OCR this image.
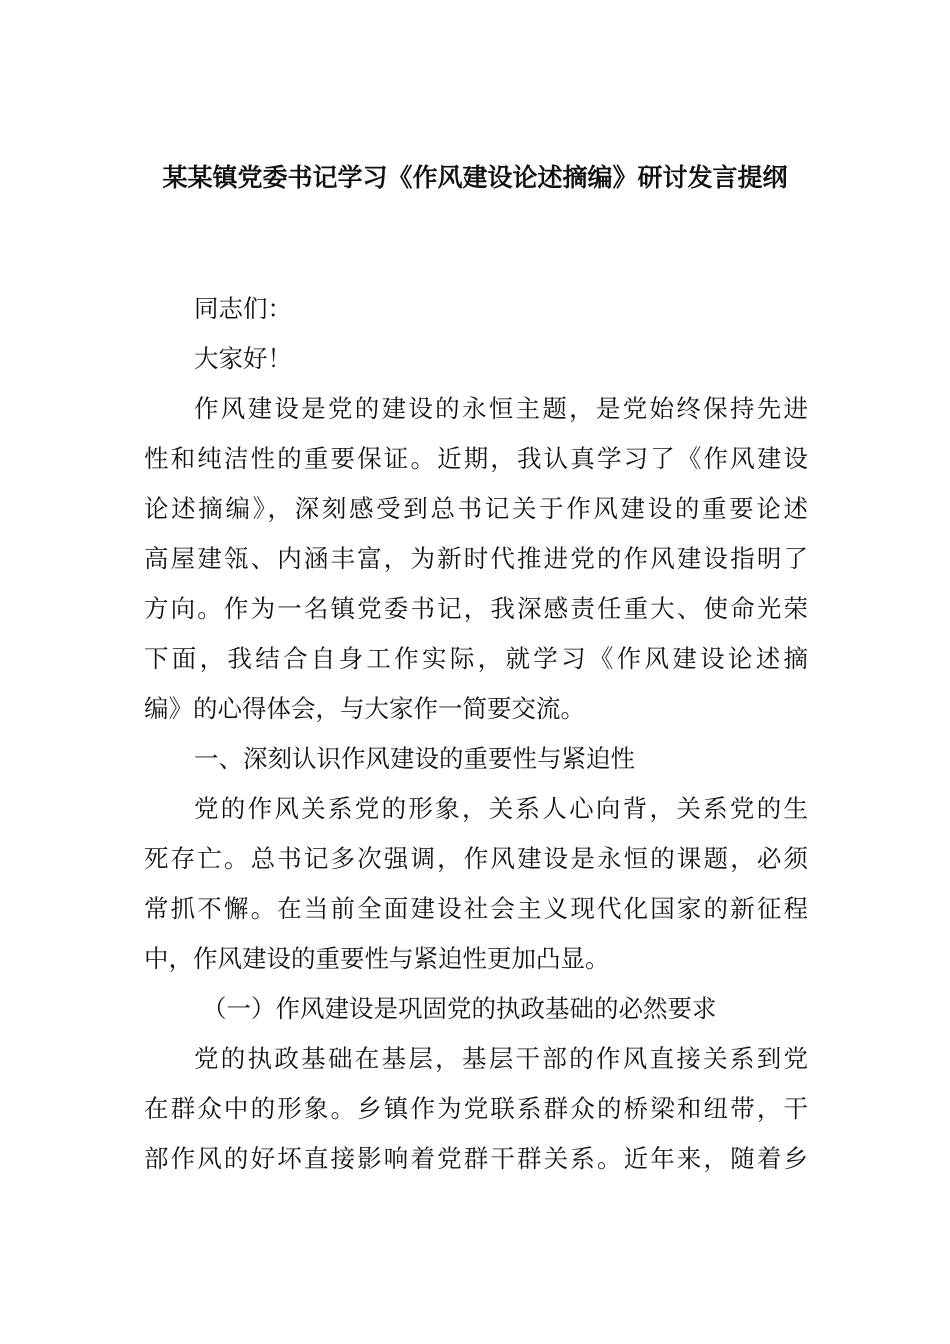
某某镇党委书记学习《作风建设论述摘编》研讨发言提纲
同志们：
大家好！
作风建设是党的建设的永恒主题，是党始终保持先进
性和纯洁性的重要保证。近期，我认真学习了《作风建设
论述摘编》，深刻感受到总书记关于作风建设的重要论述
高屋建瓴、内涵丰富，为新时代推进党的作风建设指明了
方向。作为一名镇党委书记，我深感责任重大、使命光荣
下面，我结合自身工作实际，就学习《作风建设论述摘
编》的心得体会，与大家作一简要交流。
一、深刻认识作风建设的重要性与紧迫性
党的作风关系党的形象，关系人心向背，关系党的生
死存亡。总书记多次强调，作风建设是永恒的课题，必须
常抓不懈。在当前全面建设社会主义现代化国家的新征程
中，作风建设的重要性与紧迫性更加凸显。
（一）作风建设是巩固党的执政基础的必然要求
党的执政基础在基层，基层干部的作风直接关系到党
在群众中的形象。乡镇作为党联系群众的桥梁和纽带，干
部作风的好坏直接影响着党群干群关系。近年来，随着乡
